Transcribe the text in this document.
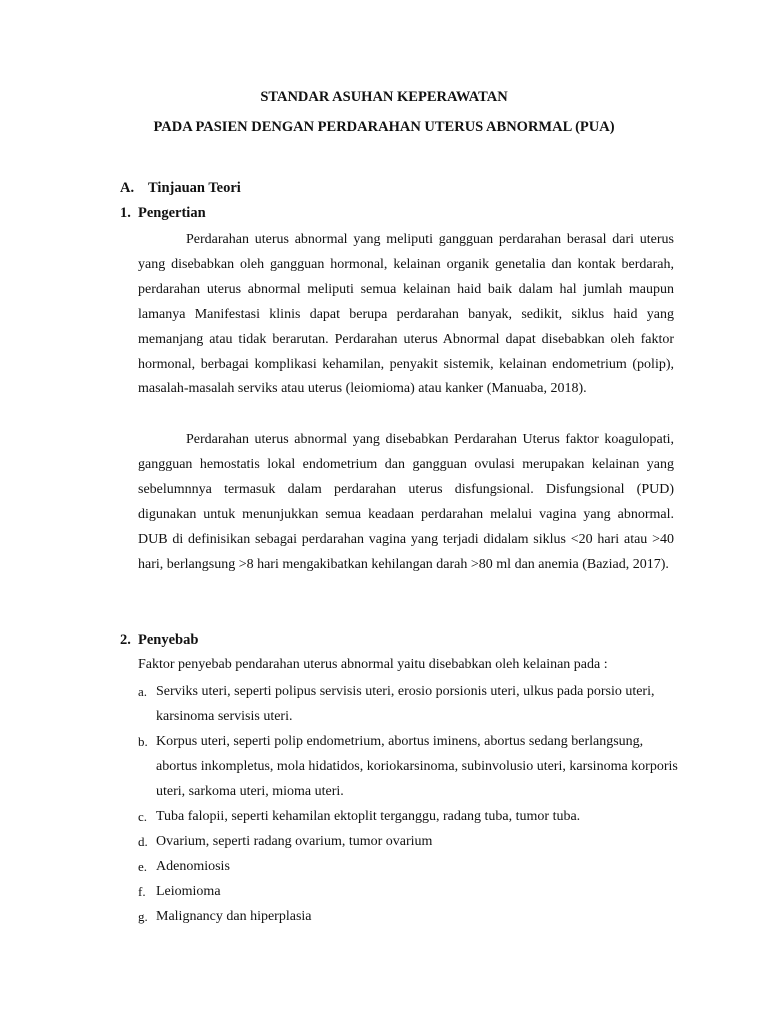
STANDAR ASUHAN KEPERAWATAN
PADA PASIEN DENGAN PERDARAHAN UTERUS ABNORMAL (PUA)
A. Tinjauan Teori
1. Pengertian

Perdarahan uterus abnormal yang meliputi gangguan perdarahan berasal dari uterus yang disebabkan oleh gangguan hormonal, kelainan organik genetalia dan kontak berdarah, perdarahan uterus abnormal meliputi semua kelainan haid baik dalam hal jumlah maupun lamanya Manifestasi klinis dapat berupa perdarahan banyak, sedikit, siklus haid yang memanjang atau tidak berarutan. Perdarahan uterus Abnormal dapat disebabkan oleh faktor hormonal, berbagai komplikasi kehamilan, penyakit sistemik, kelainan endometrium (polip), masalah-masalah serviks atau uterus (leiomioma) atau kanker (Manuaba, 2018).

Perdarahan uterus abnormal yang disebabkan Perdarahan Uterus faktor koagulopati, gangguan hemostatis lokal endometrium dan gangguan ovulasi merupakan kelainan yang sebelumnnya termasuk dalam perdarahan uterus disfungsional. Disfungsional (PUD) digunakan untuk menunjukkan semua keadaan perdarahan melalui vagina yang abnormal. DUB di definisikan sebagai perdarahan vagina yang terjadi didalam siklus <20 hari atau >40 hari, berlangsung >8 hari mengakibatkan kehilangan darah >80 ml dan anemia (Baziad, 2017).

2. Penyebab
Faktor penyebab pendarahan uterus abnormal yaitu disebabkan oleh kelainan pada :
a. Serviks uteri, seperti polipus servisis uteri, erosio porsionis uteri, ulkus pada porsio uteri, karsinoma servisis uteri.
b. Korpus uteri, seperti polip endometrium, abortus iminens, abortus sedang berlangsung, abortus inkompletus, mola hidatidos, koriokarsinoma, subinvolusio uteri, karsinoma korporis uteri, sarkoma uteri, mioma uteri.
c. Tuba falopii, seperti kehamilan ektoplit terganggu, radang tuba, tumor tuba.
d. Ovarium, seperti radang ovarium, tumor ovarium
e. Adenomiosis
f. Leiomioma
g. Malignancy dan hiperplasia
